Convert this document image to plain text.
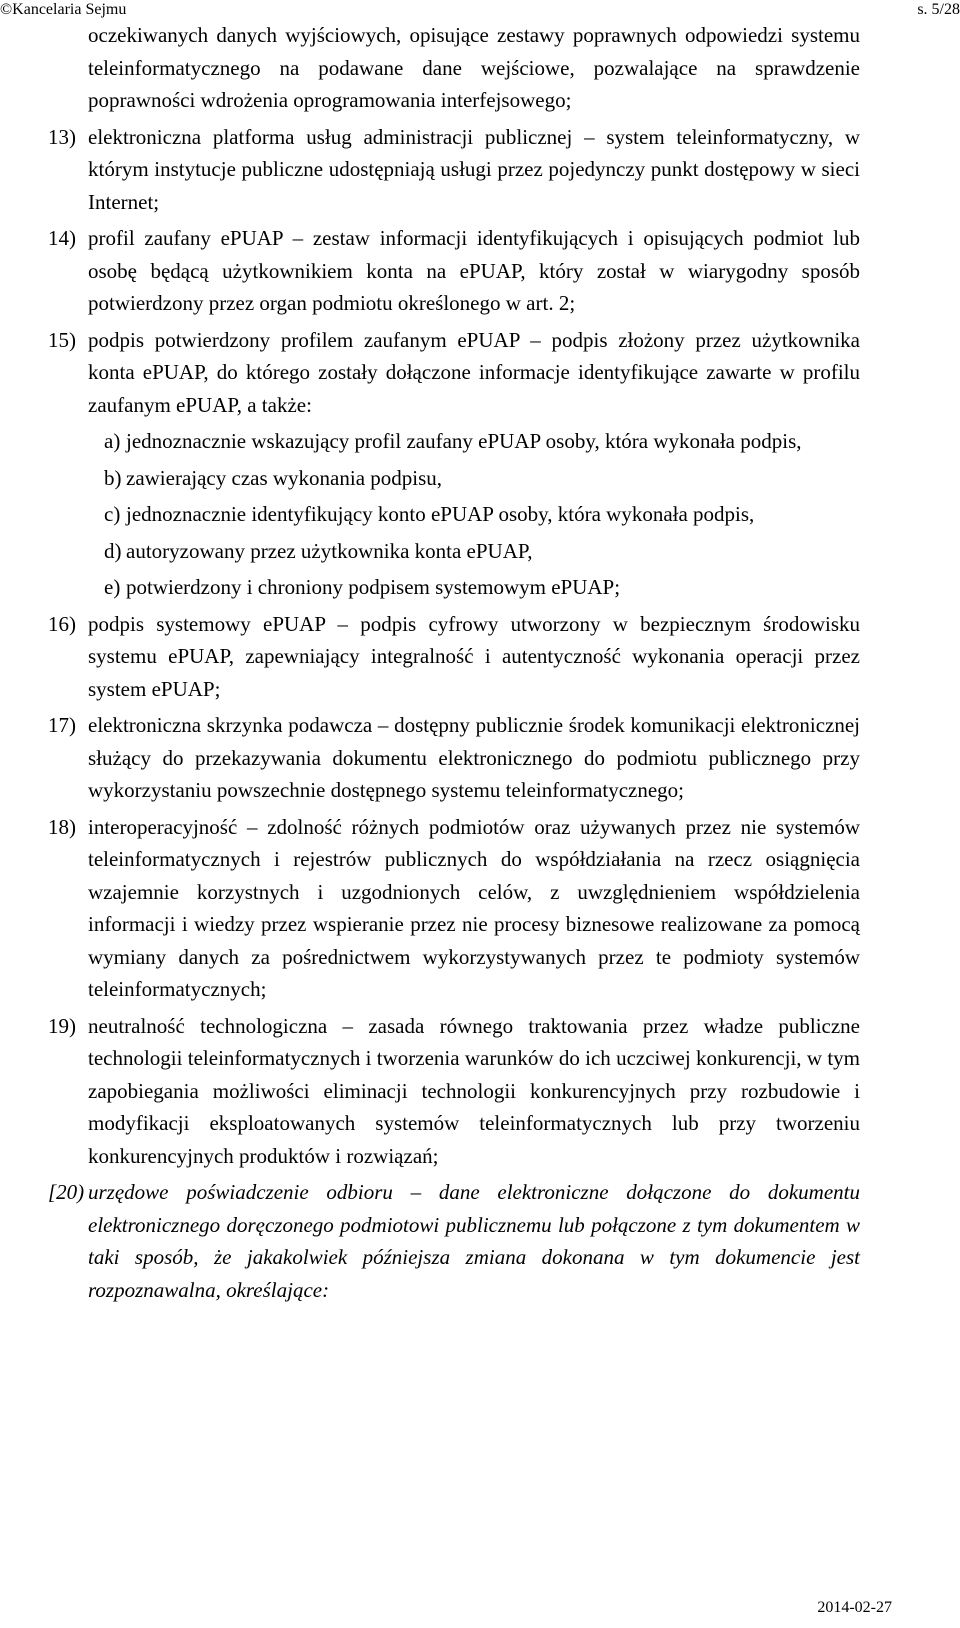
©Kancelaria Sejmu	s. 5/28
oczekiwanych danych wyjściowych, opisujące zestawy poprawnych odpowiedzi systemu teleinformatycznego na podawane dane wejściowe, pozwalające na sprawdzenie poprawności wdrożenia oprogramowania interfejsowego;
13) elektroniczna platforma usług administracji publicznej – system teleinformatyczny, w którym instytucje publiczne udostępniają usługi przez pojedynczy punkt dostępowy w sieci Internet;
14) profil zaufany ePUAP – zestaw informacji identyfikujących i opisujących podmiot lub osobę będącą użytkownikiem konta na ePUAP, który został w wiarygodny sposób potwierdzony przez organ podmiotu określonego w art. 2;
15) podpis potwierdzony profilem zaufanym ePUAP – podpis złożony przez użytkownika konta ePUAP, do którego zostały dołączone informacje identyfikujące zawarte w profilu zaufanym ePUAP, a także:
a) jednoznacznie wskazujący profil zaufany ePUAP osoby, która wykonała podpis,
b) zawierający czas wykonania podpisu,
c) jednoznacznie identyfikujący konto ePUAP osoby, która wykonała podpis,
d) autoryzowany przez użytkownika konta ePUAP,
e) potwierdzony i chroniony podpisem systemowym ePUAP;
16) podpis systemowy ePUAP – podpis cyfrowy utworzony w bezpiecznym środowisku systemu ePUAP, zapewniający integralność i autentyczność wykonania operacji przez system ePUAP;
17) elektroniczna skrzynka podawcza – dostępny publicznie środek komunikacji elektronicznej służący do przekazywania dokumentu elektronicznego do podmiotu publicznego przy wykorzystaniu powszechnie dostępnego systemu teleinformatycznego;
18) interoperacyjność – zdolność różnych podmiotów oraz używanych przez nie systemów teleinformatycznych i rejestrów publicznych do współdziałania na rzecz osiągnięcia wzajemnie korzystnych i uzgodnionych celów, z uwzględnieniem współdzielenia informacji i wiedzy przez wspieranie przez nie procesy biznesowe realizowane za pomocą wymiany danych za pośrednictwem wykorzystywanych przez te podmioty systemów teleinformatycznych;
19) neutralność technologiczna – zasada równego traktowania przez władze publiczne technologii teleinformatycznych i tworzenia warunków do ich uczciwej konkurencji, w tym zapobiegania możliwości eliminacji technologii konkurencyjnych przy rozbudowie i modyfikacji eksploatowanych systemów teleinformatycznych lub przy tworzeniu konkurencyjnych produktów i rozwiązań;
[20) urzędowe poświadczenie odbioru – dane elektroniczne dołączone do dokumentu elektronicznego doręczonego podmiotowi publicznemu lub połączone z tym dokumentem w taki sposób, że jakakolwiek późniejsza zmiana dokonana w tym dokumencie jest rozpoznawalna, określające:
2014-02-27
